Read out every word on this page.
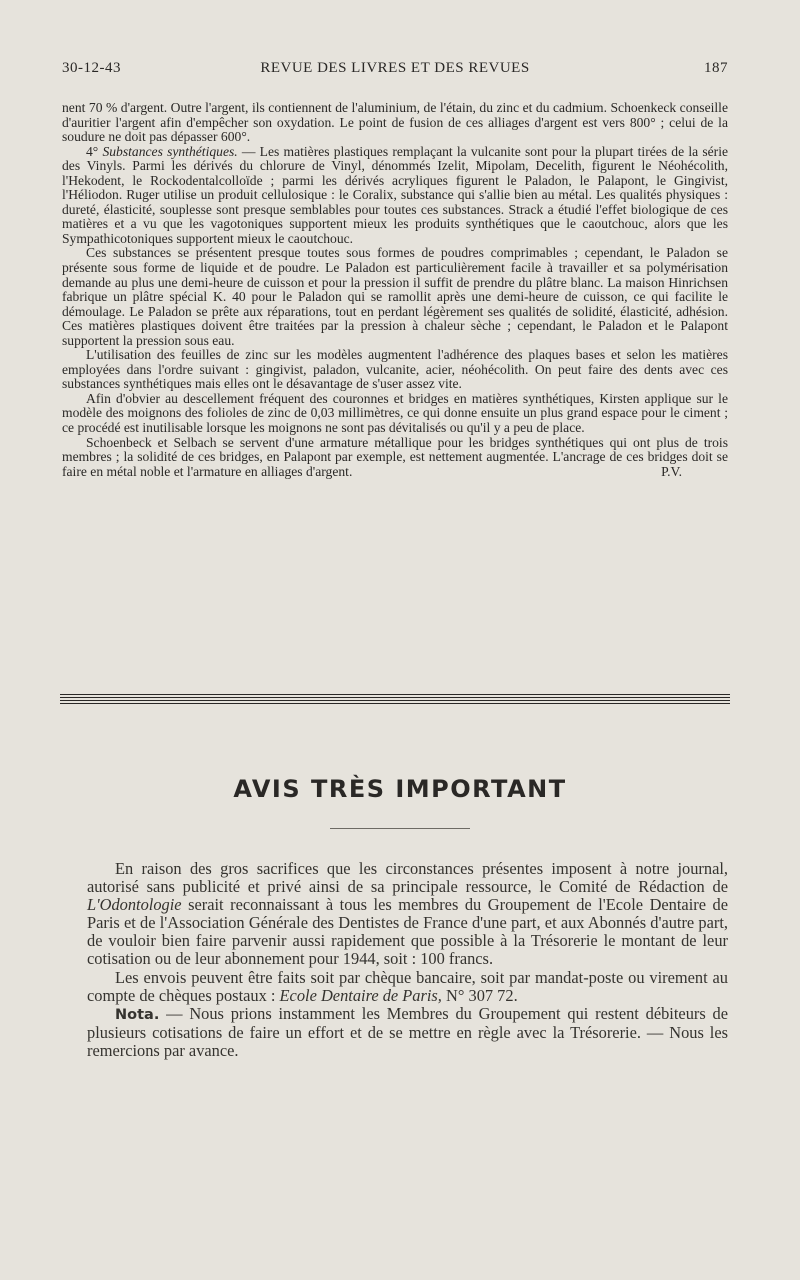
30-12-43	REVUE DES LIVRES ET DES REVUES	187

nent 70 % d'argent. Outre l'argent, ils contiennent de l'aluminium, de l'étain, du zinc et du cadmium. Schoenkeck conseille d'auritier l'argent afin d'empêcher son oxydation. Le point de fusion de ces alliages d'argent est vers 800° ; celui de la soudure ne doit pas dépasser 600°.

4° Substances synthétiques. — Les matières plastiques remplaçant la vulcanite sont pour la plupart tirées de la série des Vinyls. Parmi les dérivés du chlorure de Vinyl, dénommés Izelit, Mipolam, Decelith, figurent le Néohécolith, l'Hekodent, le Rockodentalcolloïde ; parmi les dérivés acryliques figurent le Paladon, le Palapont, le Gingivist, l'Héliodon. Ruger utilise un produit cellulosique : le Coralix, substance qui s'allie bien au métal. Les qualités physiques : dureté, élasticité, souplesse sont presque semblables pour toutes ces substances. Strack a étudié l'effet biologique de ces matières et a vu que les vagotoniques supportent mieux les produits synthétiques que le caoutchouc, alors que les Sympathicotoniques supportent mieux le caoutchouc.

Ces substances se présentent presque toutes sous formes de poudres comprimables ; cependant, le Paladon se présente sous forme de liquide et de poudre. Le Paladon est particulièrement facile à travailler et sa polymérisation demande au plus une demi-heure de cuisson et pour la pression il suffit de prendre du plâtre blanc. La maison Hinrichsen fabrique un plâtre spécial K. 40 pour le Paladon qui se ramollit après une demi-heure de cuisson, ce qui facilite le démoulage. Le Paladon se prête aux réparations, tout en perdant légèrement ses qualités de solidité, élasticité, adhésion. Ces matières plastiques doivent être traitées par la pression à chaleur sèche ; cependant, le Paladon et le Palapont supportent la pression sous eau.

L'utilisation des feuilles de zinc sur les modèles augmentent l'adhérence des plaques bases et selon les matières employées dans l'ordre suivant : gingivist, paladon, vulcanite, acier, néohécolith. On peut faire des dents avec ces substances synthétiques mais elles ont le désavantage de s'user assez vite.

Afin d'obvier au descellement fréquent des couronnes et bridges en matières synthétiques, Kirsten applique sur le modèle des moignons des folioles de zinc de 0,03 millimètres, ce qui donne ensuite un plus grand espace pour le ciment ; ce procédé est inutilisable lorsque les moignons ne sont pas dévitalisés ou qu'il y a peu de place.

Schoenbeck et Selbach se servent d'une armature métallique pour les bridges synthétiques qui ont plus de trois membres ; la solidité de ces bridges, en Palapont par exemple, est nettement augmentée. L'ancrage de ces bridges doit se faire en métal noble et l'armature en alliages d'argent.	P.V.

AVIS TRÈS IMPORTANT

En raison des gros sacrifices que les circonstances présentes imposent à notre journal, autorisé sans publicité et privé ainsi de sa principale ressource, le Comité de Rédaction de L'Odontologie serait reconnaissant à tous les membres du Groupement de l'Ecole Dentaire de Paris et de l'Association Générale des Dentistes de France d'une part, et aux Abonnés d'autre part, de vouloir bien faire parvenir aussi rapidement que possible à la Trésorerie le montant de leur cotisation ou de leur abonnement pour 1944, soit : 100 francs.

Les envois peuvent être faits soit par chèque bancaire, soit par mandat-poste ou virement au compte de chèques postaux : Ecole Dentaire de Paris, N° 307 72.

Nota. — Nous prions instamment les Membres du Groupement qui restent débiteurs de plusieurs cotisations de faire un effort et de se mettre en règle avec la Trésorerie. — Nous les remercions par avance.
